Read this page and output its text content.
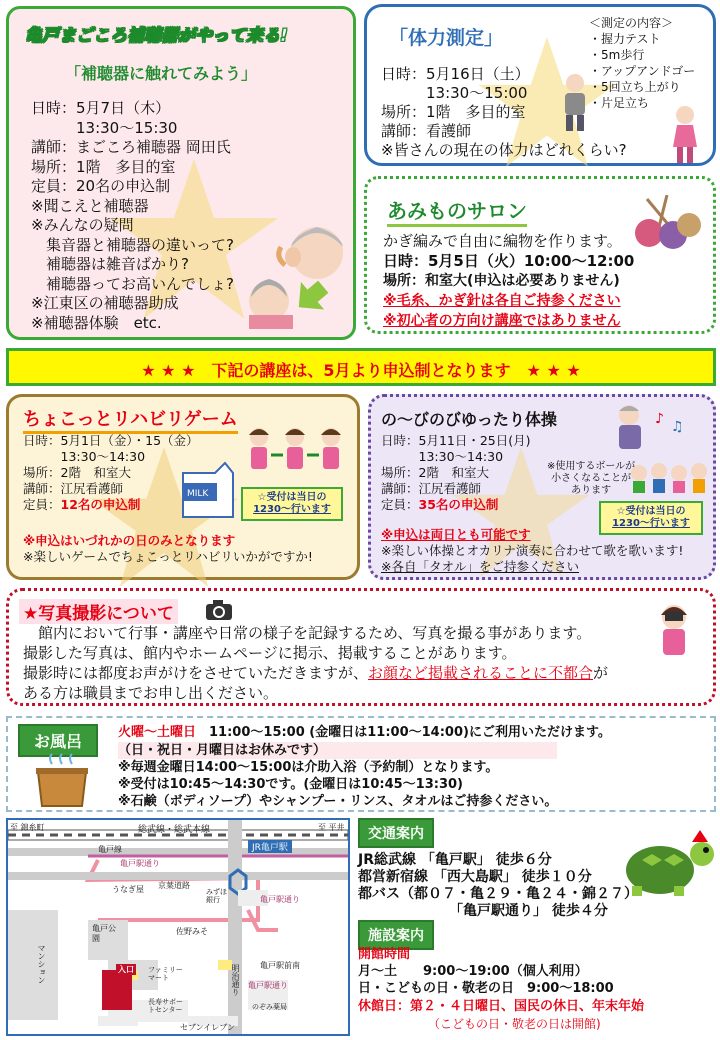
亀戸まごころ補聴器がやって来る!
「補聴器に触れてみよう」
日時：5月7日（木）
　　　13:30～15:30
講師：まごころ補聴器 岡田氏
場所：1階　多目的室
定員：20名の申込制
※聞こえと補聴器
※みんなの疑問
　集音器と補聴器の違いって?
　補聴器は雑音ばかり?
　補聴器ってお高いんでしょ?
※江東区の補聴器助成
※補聴器体験　etc.
「体力測定」
日時：5月16日（土）
　　　13:30～15:00
場所：1階　多目的室
講師：看護師
※皆さんの現在の体力はどれくらい?
＜測定の内容＞
・握力テスト
・5m歩行
・アップアンドゴー
・5回立ち上がり
・片足立ち
あみものサロン
かぎ編みで自由に編物を作ります。
日時：5月5日（火）10:00～12:00
場所：和室大(申込は必要ありません)
※毛糸、かぎ針は各自ご持参ください
※初心者の方向け講座ではありません
★ ★ ★　下記の講座は、5月より申込制となります　★ ★ ★
ちょこっとリハビリゲーム
日時：5月1日（金）・15（金）
　　　13:30～14:30
場所：2階　和室大
講師：江尻看護師
定員：12名の申込制
MILK	☆受付は当日の
1230～行います
※申込はいづれかの日のみとなります
※楽しいゲームでちょこっとリハビリいかがですか!
の～びのびゆったり体操
日時：5月11日・25日(月)
　　　13:30～14:30
場所：2階　和室大
講師：江尻看護師
定員：35名の申込制
♪ ♫
※使用するボールが
小さくなることが
あります
☆受付は当日の
1230～行います
※申込は両日とも可能です
※楽しい体操とオカリナ演奏に合わせて歌を歌います!
※各自「タオル」をご持参ください
★写真撮影について
　館内において行事・講座や日常の様子を記録するため、写真を撮る事があります。
撮影した写真は、館内やホームページに掲示、掲載することがあります。
撮影時には都度お声がけをさせていただきますが、お顔など掲載されることに不都合が
ある方は職員までお申し出ください。
お風呂	火曜～土曜日　11:00～15:00 (金曜日は11:00～14:00)にご利用いただけます。
（日・祝日・月曜日はお休みです）
※毎週金曜日14:00～15:00は介助入浴（予約制）となります。
※受付は10:45～14:30です。(金曜日は10:45～13:30)
※石鹸（ボディソープ）やシャンプー・リンス、タオルはご持参ください。
至 錦糸町	至 平井
総武線・総武本線
JR亀戸駅
亀戸線
亀戸駅通り
うなぎ屋 京葉道路
みずほ銀行	亀戸駅通り
亀戸公園
佐野みそ
マンション	ファミリーマート
入口	亀戸駅前南
明治通り 亀戸駅通り
長寿サポートセンター	のぞみ薬局
セブンイレブン
交通案内
JR総武線 「亀戸駅」 徒歩６分
都営新宿線 「西大島駅」 徒歩１０分
都バス（都０７・亀２９・亀２４・錦２７）
　　　　　　　「亀戸駅通り」 徒歩４分
施設案内
開館時間
月～土　　9:00～19:00（個人利用）
日・こどもの日・敬老の日　9:00～18:00
休館日：第２・４日曜日、国民の休日、年末年始
（こどもの日・敬老の日は開館)
